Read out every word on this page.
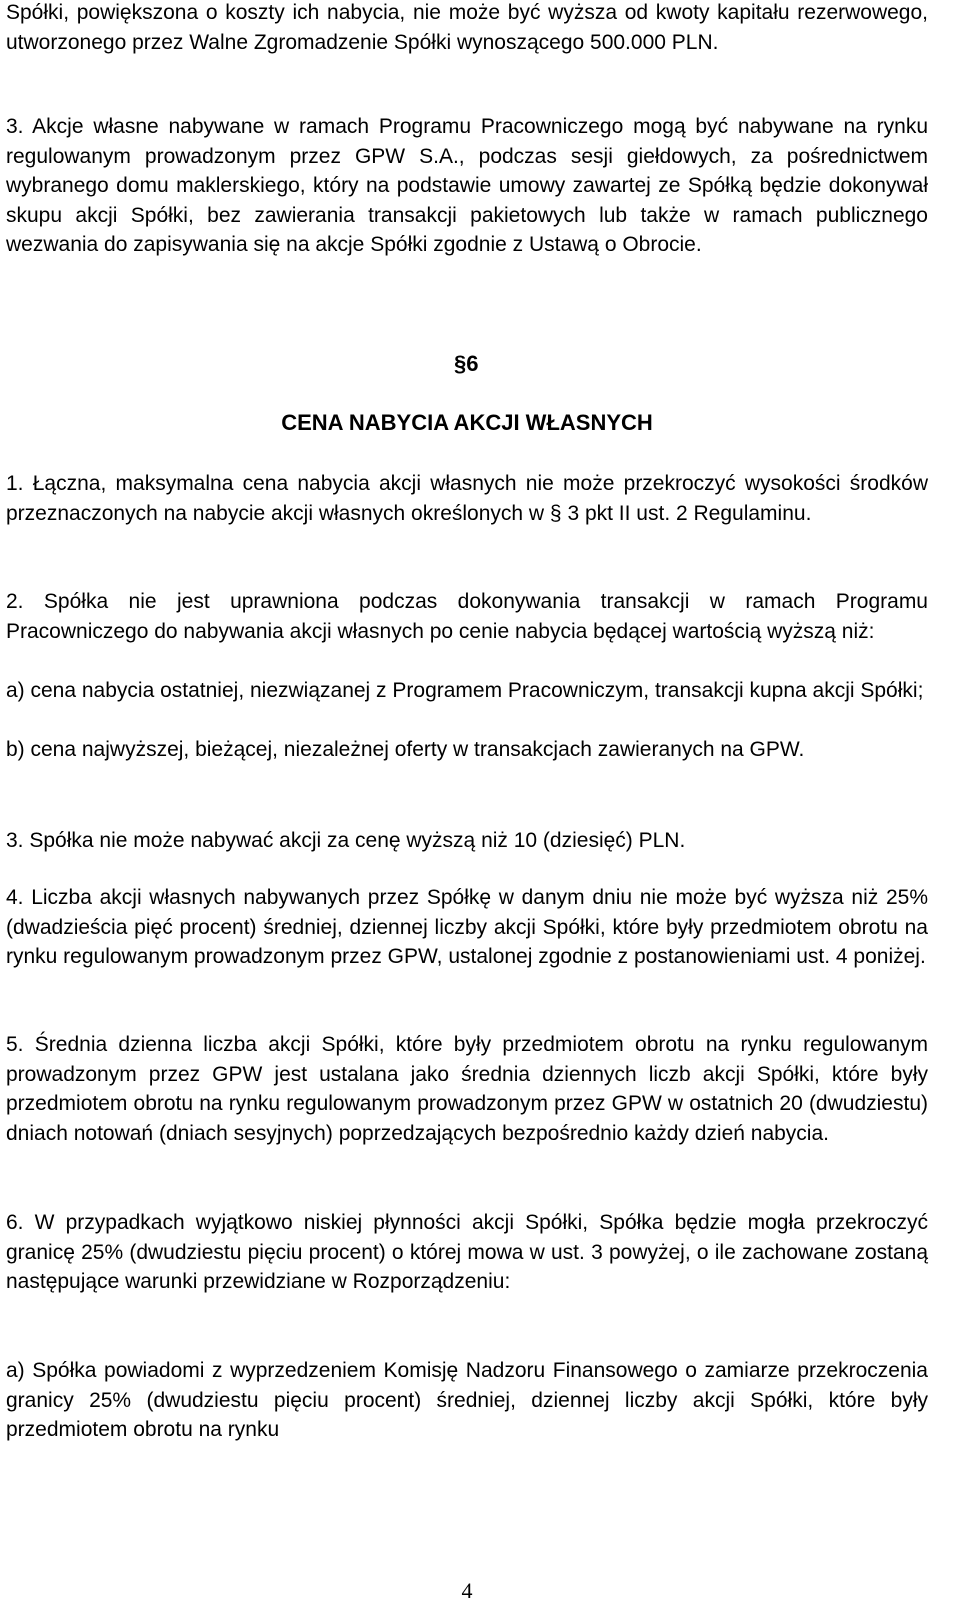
Spółki, powiększona o koszty ich nabycia, nie może być wyższa od kwoty kapitału rezerwowego, utworzonego przez Walne Zgromadzenie Spółki wynoszącego 500.000 PLN.

3. Akcje własne nabywane w ramach Programu Pracowniczego mogą być nabywane na rynku regulowanym prowadzonym przez GPW S.A., podczas sesji giełdowych, za pośrednictwem wybranego domu maklerskiego, który na podstawie umowy zawartej ze Spółką będzie dokonywał skupu akcji Spółki, bez zawierania transakcji pakietowych lub także w ramach publicznego wezwania do zapisywania się na akcje Spółki zgodnie z Ustawą o Obrocie.

§6
CENA NABYCIA AKCJI WŁASNYCH

1. Łączna, maksymalna cena nabycia akcji własnych nie może przekroczyć wysokości środków przeznaczonych na nabycie akcji własnych określonych w § 3 pkt II ust. 2 Regulaminu.

2. Spółka nie jest uprawniona podczas dokonywania transakcji w ramach Programu Pracowniczego do nabywania akcji własnych po cenie nabycia będącej wartością wyższą niż:

a) cena nabycia ostatniej, niezwiązanej z Programem Pracowniczym, transakcji kupna akcji Spółki;

b) cena najwyższej, bieżącej, niezależnej oferty w transakcjach zawieranych na GPW.

3. Spółka nie może nabywać akcji za cenę wyższą niż 10 (dziesięć) PLN.

4. Liczba akcji własnych nabywanych przez Spółkę w danym dniu nie może być wyższa niż 25% (dwadzieścia pięć procent) średniej, dziennej liczby akcji Spółki, które były przedmiotem obrotu na rynku regulowanym prowadzonym przez GPW, ustalonej zgodnie z postanowieniami ust. 4 poniżej.

5. Średnia dzienna liczba akcji Spółki, które były przedmiotem obrotu na rynku regulowanym prowadzonym przez GPW jest ustalana jako średnia dziennych liczb akcji Spółki, które były przedmiotem obrotu na rynku regulowanym prowadzonym przez GPW w ostatnich 20 (dwudziestu) dniach notowań (dniach sesyjnych) poprzedzających bezpośrednio każdy dzień nabycia.

6. W przypadkach wyjątkowo niskiej płynności akcji Spółki, Spółka będzie mogła przekroczyć granicę 25% (dwudziestu pięciu procent) o której mowa w ust. 3 powyżej, o ile zachowane zostaną następujące warunki przewidziane w Rozporządzeniu:

a) Spółka powiadomi z wyprzedzeniem Komisję Nadzoru Finansowego o zamiarze przekroczenia granicy 25% (dwudziestu pięciu procent) średniej, dziennej liczby akcji Spółki, które były przedmiotem obrotu na rynku

4
